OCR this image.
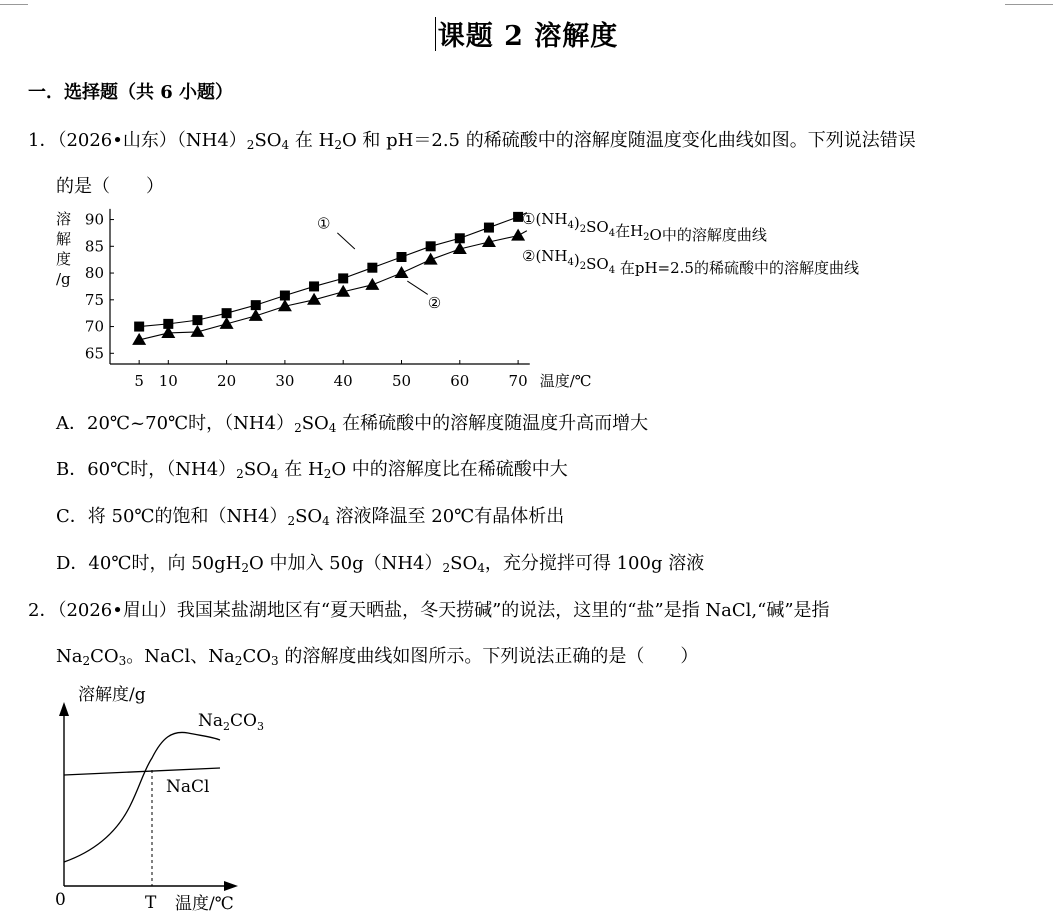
课题 2 溶解度
一．选择题（共 6 小题）
1．（2026•山东）$(NH4)_2SO_4$ 在 $H_2O$ 和 pH＝2.5 的稀硫酸中的溶解度随温度变化曲线如图。下列说法错误
的是（　　）
溶
解
度
/g
65
70
75
80
85
90
5 10	20	30	40	50	60	70 温度/℃
①
②
$①(NH_4)_2SO_4$在$H_2O$中的溶解度曲线
$②(NH_4)_2SO_4$ 在pH=2.5的稀硫酸中的溶解度曲线
A．20℃~70℃时，$(NH4)_2SO_4$ 在稀硫酸中的溶解度随温度升高而增大
B．60℃时，$(NH4)_2SO_4$ 在 $H_2O$ 中的溶解度比在稀硫酸中大
C．将 50℃的饱和$(NH4)_2SO_4$ 溶液降温至 20℃有晶体析出
D．40℃时，向 $50gH_2O$ 中加入 $50g(NH4)_2SO_4$，充分搅拌可得 100g 溶液
2．（2026•眉山）我国某盐湖地区有“夏天晒盐，冬天捞碱”的说法，这里的“盐”是指 NaCl,“碱”是指
$Na_2CO_3$。NaCl、$Na_2CO_3$ 的溶解度曲线如图所示。下列说法正确的是（　　）
溶解度/g
温度/℃
0	T
$Na_2CO_3$
NaCl
